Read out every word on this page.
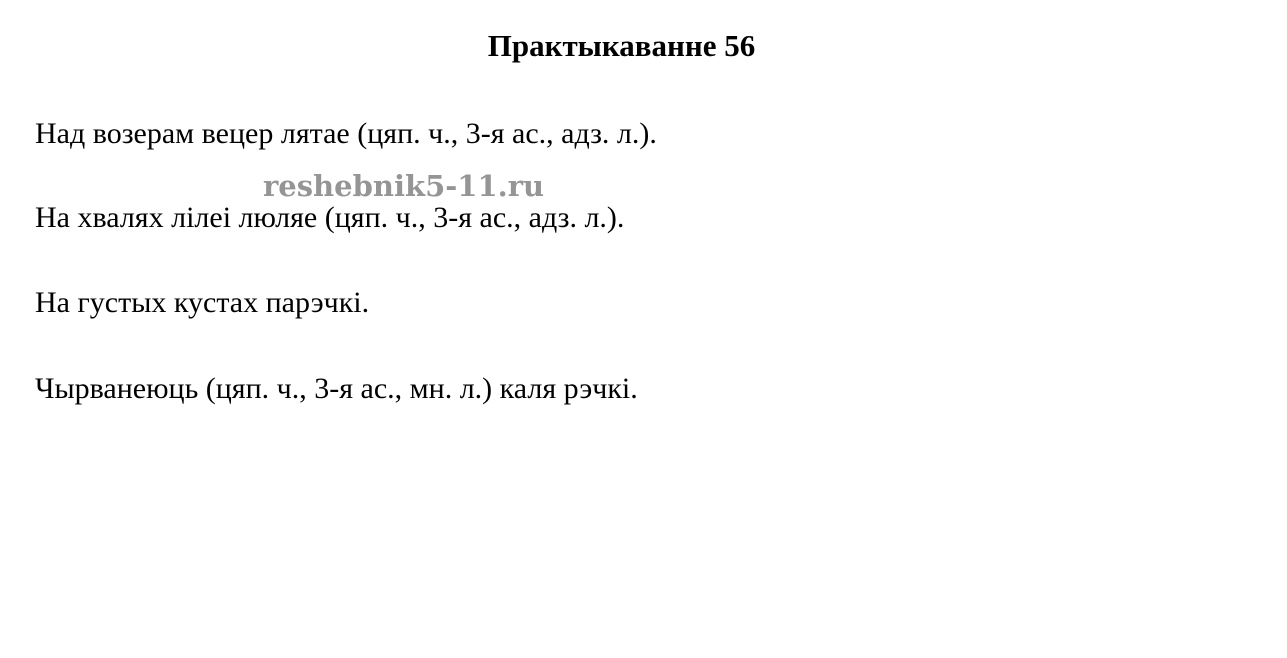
Практыкаванне 56

Над возерам вецер лятае (цяп. ч., 3-я ас., адз. л.).

На хвалях лілеі люляе (цяп. ч., 3-я ас., адз. л.).

На густых кустах парэчкі.

Чырванеюць (цяп. ч., 3-я ас., мн. л.) каля рэчкі.

reshebnik5-11.ru
